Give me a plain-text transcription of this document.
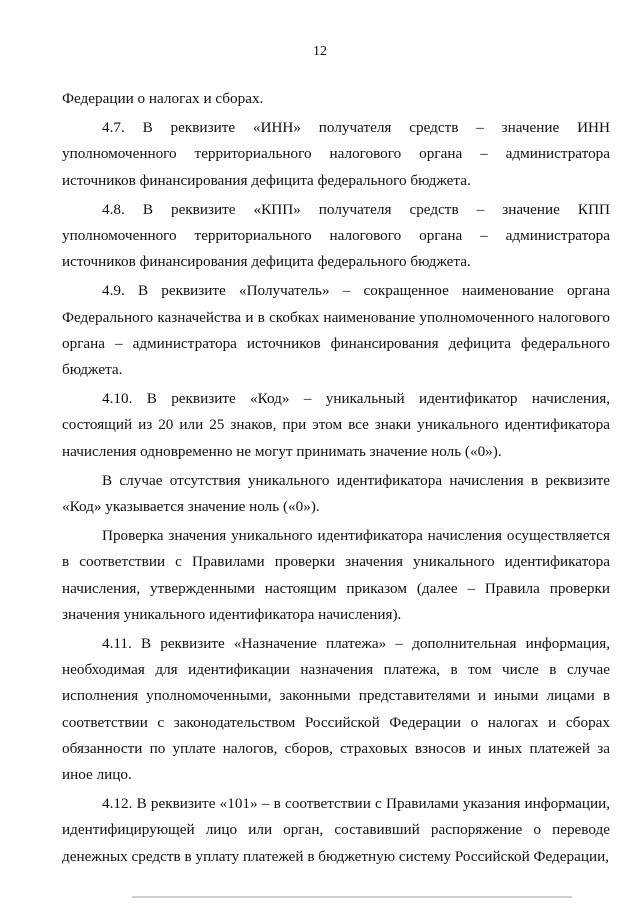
12

Федерации о налогах и сборах.

4.7. В реквизите «ИНН» получателя средств – значение ИНН уполномоченного территориального налогового органа – администратора источников финансирования дефицита федерального бюджета.

4.8. В реквизите «КПП» получателя средств – значение КПП уполномоченного территориального налогового органа – администратора источников финансирования дефицита федерального бюджета.

4.9. В реквизите «Получатель» – сокращенное наименование органа Федерального казначейства и в скобках наименование уполномоченного налогового органа – администратора источников финансирования дефицита федерального бюджета.

4.10. В реквизите «Код» – уникальный идентификатор начисления, состоящий из 20 или 25 знаков, при этом все знаки уникального идентификатора начисления одновременно не могут принимать значение ноль («0»).

В случае отсутствия уникального идентификатора начисления в реквизите «Код» указывается значение ноль («0»).

Проверка значения уникального идентификатора начисления осуществляется в соответствии с Правилами проверки значения уникального идентификатора начисления, утвержденными настоящим приказом (далее – Правила проверки значения уникального идентификатора начисления).

4.11. В реквизите «Назначение платежа» – дополнительная информация, необходимая для идентификации назначения платежа, в том числе в случае исполнения уполномоченными, законными представителями и иными лицами в соответствии с законодательством Российской Федерации о налогах и сборах обязанности по уплате налогов, сборов, страховых взносов и иных платежей за иное лицо.

4.12. В реквизите «101» – в соответствии с Правилами указания информации, идентифицирующей лицо или орган, составивший распоряжение о переводе денежных средств в уплату платежей в бюджетную систему Российской Федерации,
